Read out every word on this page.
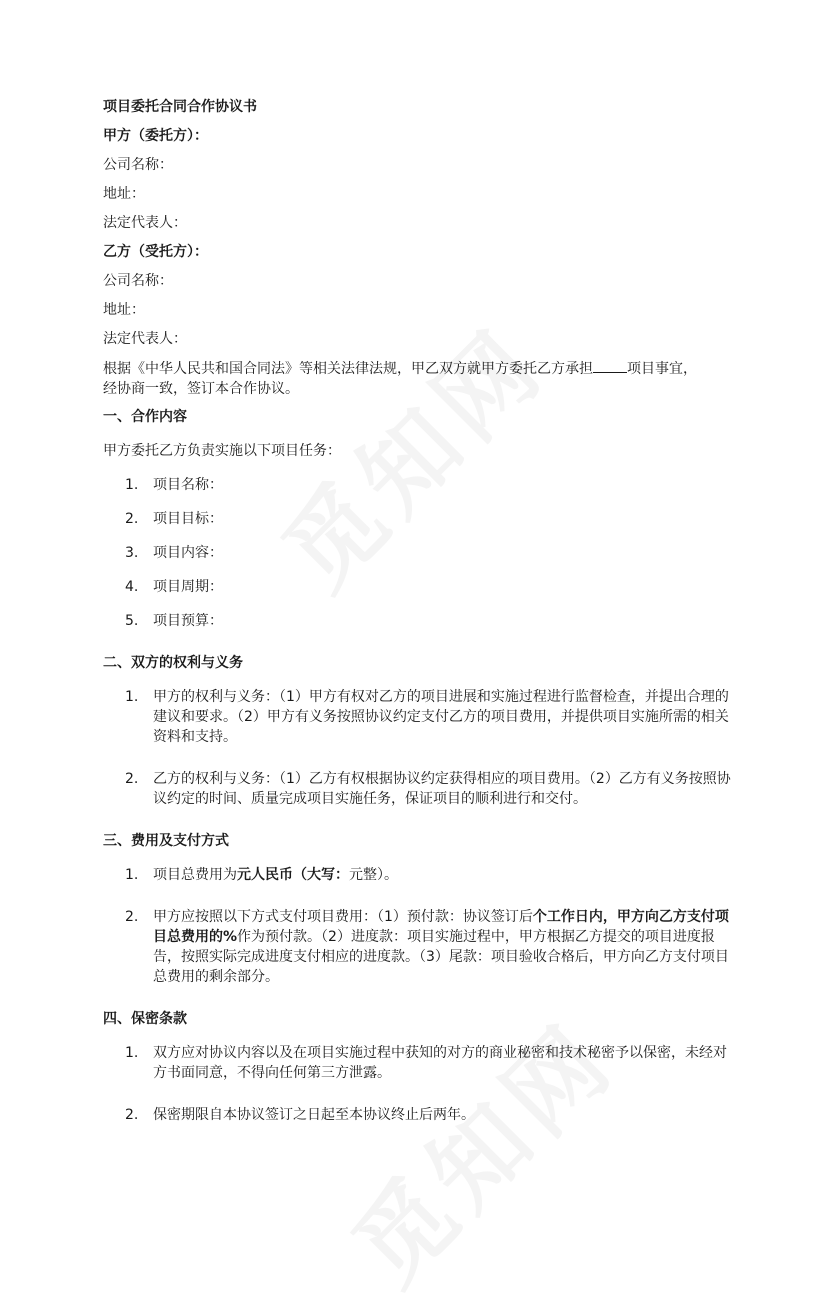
项目委托合同合作协议书

甲方（委托方）：

公司名称：

地址：

法定代表人：

乙方（受托方）：

公司名称：

地址：

法定代表人：

根据《中华人民共和国合同法》等相关法律法规，甲乙双方就甲方委托乙方承担 项目事宜，

经协商一致，签订本合作协议。

一、合作内容

甲方委托乙方负责实施以下项目任务：

1. 项目名称：
2. 项目目标：
3. 项目内容：
4. 项目周期：
5. 项目预算：

二、双方的权利与义务

1. 甲方的权利与义务：（1）甲方有权对乙方的项目进展和实施过程进行监督检查，并提出合理的建议和要求。（2）甲方有义务按照协议约定支付乙方的项目费用，并提供项目实施所需的相关资料和支持。
2. 乙方的权利与义务：（1）乙方有权根据协议约定获得相应的项目费用。（2）乙方有义务按照协议约定的时间、质量完成项目实施任务，保证项目的顺利进行和交付。

三、费用及支付方式

1. 项目总费用为元人民币（大写：元整）。
2. 甲方应按照以下方式支付项目费用：（1）预付款：协议签订后个工作日内，甲方向乙方支付项目总费用的%作为预付款。（2）进度款：项目实施过程中，甲方根据乙方提交的项目进度报告，按照实际完成进度支付相应的进度款。（3）尾款：项目验收合格后，甲方向乙方支付项目总费用的剩余部分。

四、保密条款

1. 双方应对协议内容以及在项目实施过程中获知的对方的商业秘密和技术秘密予以保密，未经对方书面同意，不得向任何第三方泄露。
2. 保密期限自本协议签订之日起至本协议终止后两年。
